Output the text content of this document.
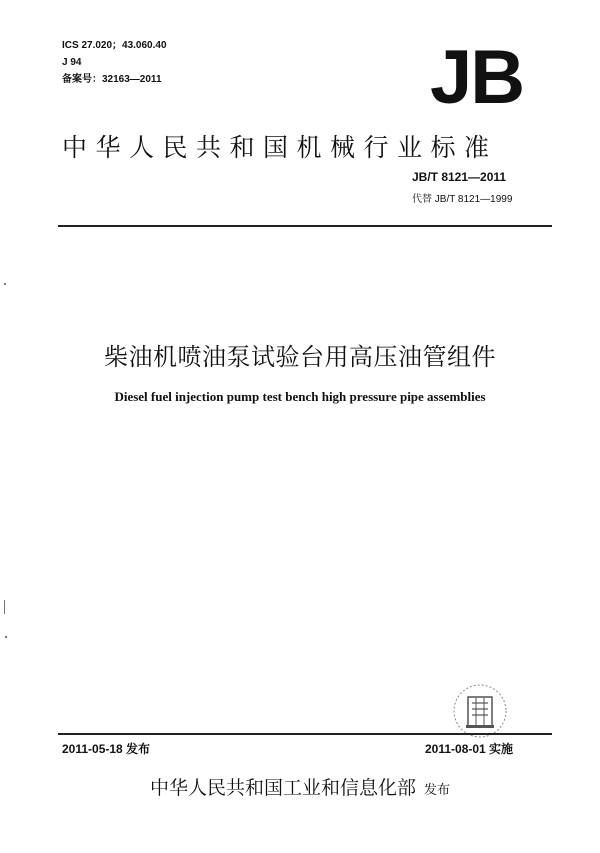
ICS 27.020；43.060.40
J 94
备案号：32163—2011	JB
中华人民共和国机械行业标准
JB/T 8121—2011
代替 JB/T 8121—1999
柴油机喷油泵试验台用高压油管组件
Diesel fuel injection pump test bench high pressure pipe assemblies
2011-05-18 发布	2011-08-01 实施
中华人民共和国工业和信息化部 发布
